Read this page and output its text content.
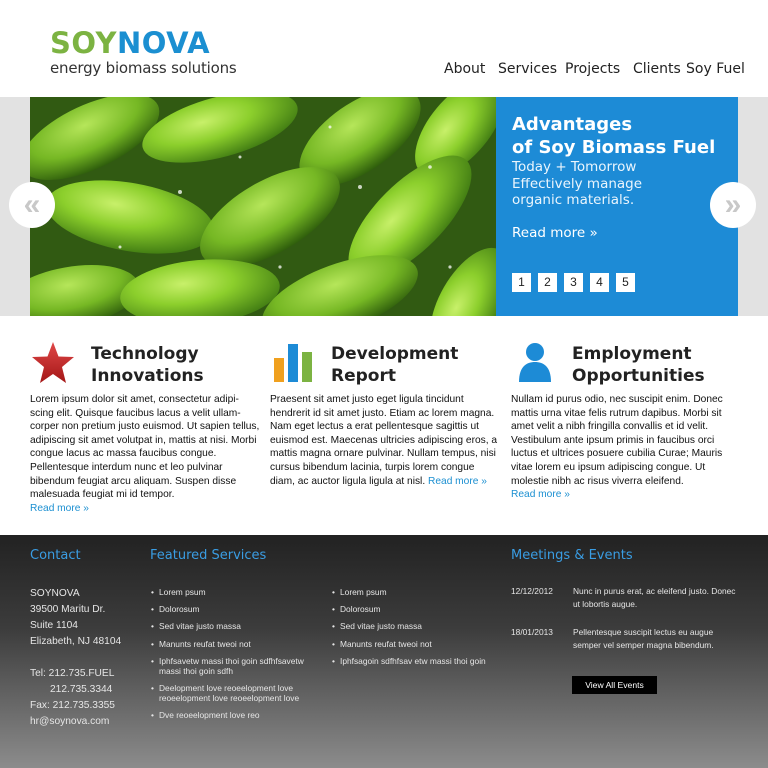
SOYNOVA
energy biomass solutions	About Services Projects Clients Soy Fuel
Advantages
of Soy Biomass Fuel
Today + Tomorrow
Effectively manage
organic materials.
Read more »
1	2	3	4	5
«	»
Technology
Innovations

Lorem ipsum dolor sit amet, consectetur adipi-scing elit. Quisque faucibus lacus a velit ullam-corper non pretium justo euismod. Ut sapien tellus, adipiscing sit amet volutpat in, mattis at nisi. Morbi congue lacus ac massa faucibus congue. Pellentesque interdum nunc et leo pulvinar bibendum feugiat arcu aliquam. Suspen disse malesuada feugiat mi id tempor.
Read more »

Development
Report

Praesent sit amet justo eget ligula tincidunt hendrerit id sit amet justo. Etiam ac lorem magna. Nam eget lectus a erat pellentesque sagittis ut euismod est. Maecenas ultricies adipiscing eros, a mattis magna ornare pulvinar. Nullam tempus, nisi cursus bibendum lacinia, turpis lorem congue diam, ac auctor ligula ligula at nisl. Read more »

Employment
Opportunities

Nullam id purus odio, nec suscipit enim. Donec mattis urna vitae felis rutrum dapibus. Morbi sit amet velit a nibh fringilla convallis et id velit. Vestibulum ante ipsum primis in faucibus orci luctus et ultrices posuere cubilia Curae; Mauris vitae lorem eu ipsum adipiscing congue. Ut molestie nibh ac risus viverra eleifend.
Read more »

Contact	Featured Services	Meetings & Events
SOYNOVA
39500 Maritu Dr.
Suite 1104
Elizabeth, NJ 48104
Tel: 212.735.FUEL
212.735.3344
Fax: 212.735.3355
hr@soynova.com
• Lorem psum
• Dolorosum
• Sed vitae justo massa
• Manunts reufat tweoi not
• Iphfsavetw massi thoi goin sdfhfsavetw massi thoi goin sdfh
• Deelopment love reoeelopment love reoeelopment love reoeelopment love
• Dve reoeelopment love reo
• Lorem psum
• Dolorosum
• Sed vitae justo massa
• Manunts reufat tweoi not
• Iphfsagoin sdfhfsav etw massi thoi goin
12/12/2012 Nunc in purus erat, ac eleifend justo. Donec ut lobortis augue.
18/01/2013 Pellentesque suscipit lectus eu augue semper vel semper magna bibendum.
View All Events
